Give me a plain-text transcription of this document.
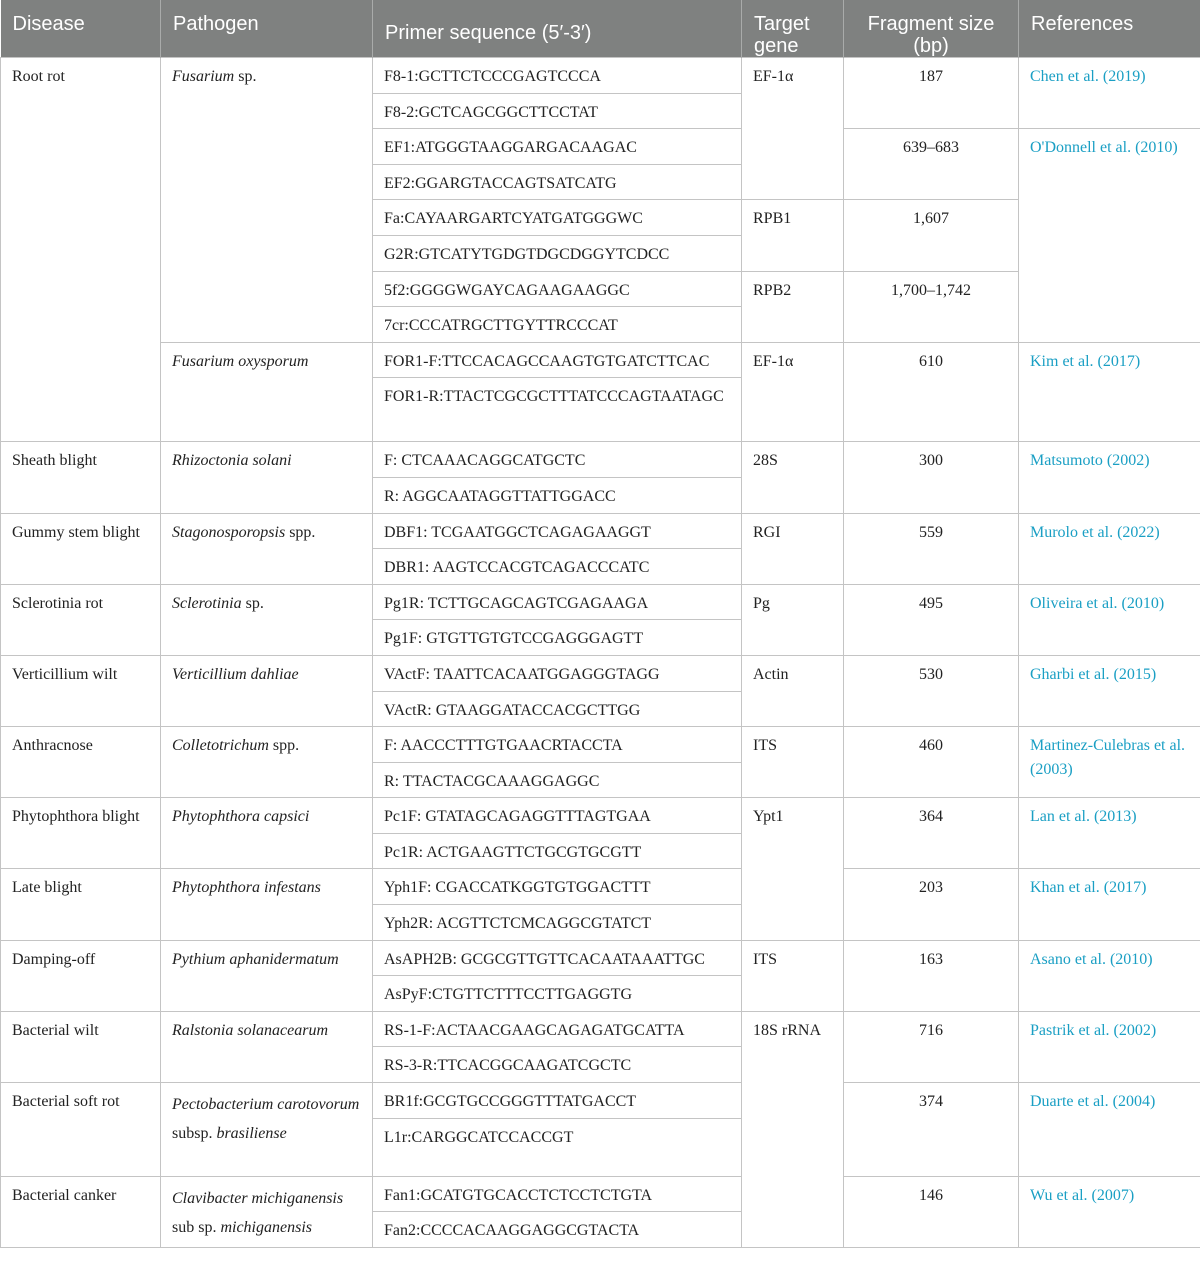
Disease	Pathogen	Primer sequence (5′-3′)	Target gene	Fragment size (bp)	References
Root rot	Fusarium sp.	F8-1:GCTTCTCCCGAGTCCCA	EF-1α	187	Chen et al. (2019)
		F8-2:GCTCAGCGGCTTCCTAT			
		EF1:ATGGGTAAGGARGACAAGAC		639–683	O'Donnell et al. (2010)
		EF2:GGARGTACCAGTSATCATG			
		Fa:CAYAARGARTCYATGATGGGWC	RPB1	1,607	
		G2R:GTCATYTGDGTDGCDGGYTCDCC			
		5f2:GGGGWGAYCAGAAGAAGGC	RPB2	1,700–1,742	
		7cr:CCCATRGCTTGYTTRCCCAT			
	Fusarium oxysporum	FOR1-F:TTCCACAGCCAAGTGTGATCTTCAC	EF-1α	610	Kim et al. (2017)
		FOR1-R:TTACTCGCGCTTTATCCCAGTAATAGC			
Sheath blight	Rhizoctonia solani	F: CTCAAACAGGCATGCTC	28S	300	Matsumoto (2002)
		R: AGGCAATAGGTTATTGGACC			
Gummy stem blight	Stagonosporopsis spp.	DBF1: TCGAATGGCTCAGAGAAGGT	RGI	559	Murolo et al. (2022)
		DBR1: AAGTCCACGTCAGACCCATC			
Sclerotinia rot	Sclerotinia sp.	Pg1R: TCTTGCAGCAGTCGAGAAGA	Pg	495	Oliveira et al. (2010)
		Pg1F: GTGTTGTGTCCGAGGGAGTT			
Verticillium wilt	Verticillium dahliae	VActF: TAATTCACAATGGAGGGTAGG	Actin	530	Gharbi et al. (2015)
		VActR: GTAAGGATACCACGCTTGG			
Anthracnose	Colletotrichum spp.	F: AACCCTTTGTGAACRTACCTA	ITS	460	Martinez-Culebras et al. (2003)
		R: TTACTACGCAAAGGAGGC			
Phytophthora blight	Phytophthora capsici	Pc1F: GTATAGCAGAGGTTTAGTGAA	Ypt1	364	Lan et al. (2013)
		Pc1R: ACTGAAGTTCTGCGTGCGTT			
Late blight	Phytophthora infestans	Yph1F: CGACCATKGGTGTGGACTTT		203	Khan et al. (2017)
		Yph2R: ACGTTCTCMCAGGCGTATCT			
Damping-off	Pythium aphanidermatum	AsAPH2B: GCGCGTTGTTCACAATAAATTGC	ITS	163	Asano et al. (2010)
		AsPyF:CTGTTCTTTCCTTGAGGTG			
Bacterial wilt	Ralstonia solanacearum	RS-1-F:ACTAACGAAGCAGAGATGCATTA	18S rRNA	716	Pastrik et al. (2002)
		RS-3-R:TTCACGGCAAGATCGCTC			
Bacterial soft rot	Pectobacterium carotovorum subsp. brasiliense	BR1f:GCGTGCCGGGTTTATGACCT		374	Duarte et al. (2004)
		L1r:CARGGCATCCACCGT			
Bacterial canker	Clavibacter michiganensis sub sp. michiganensis	Fan1:GCATGTGCACCTCTCCTCTGTA		146	Wu et al. (2007)
		Fan2:CCCCACAAGGAGGCGTACTA			
